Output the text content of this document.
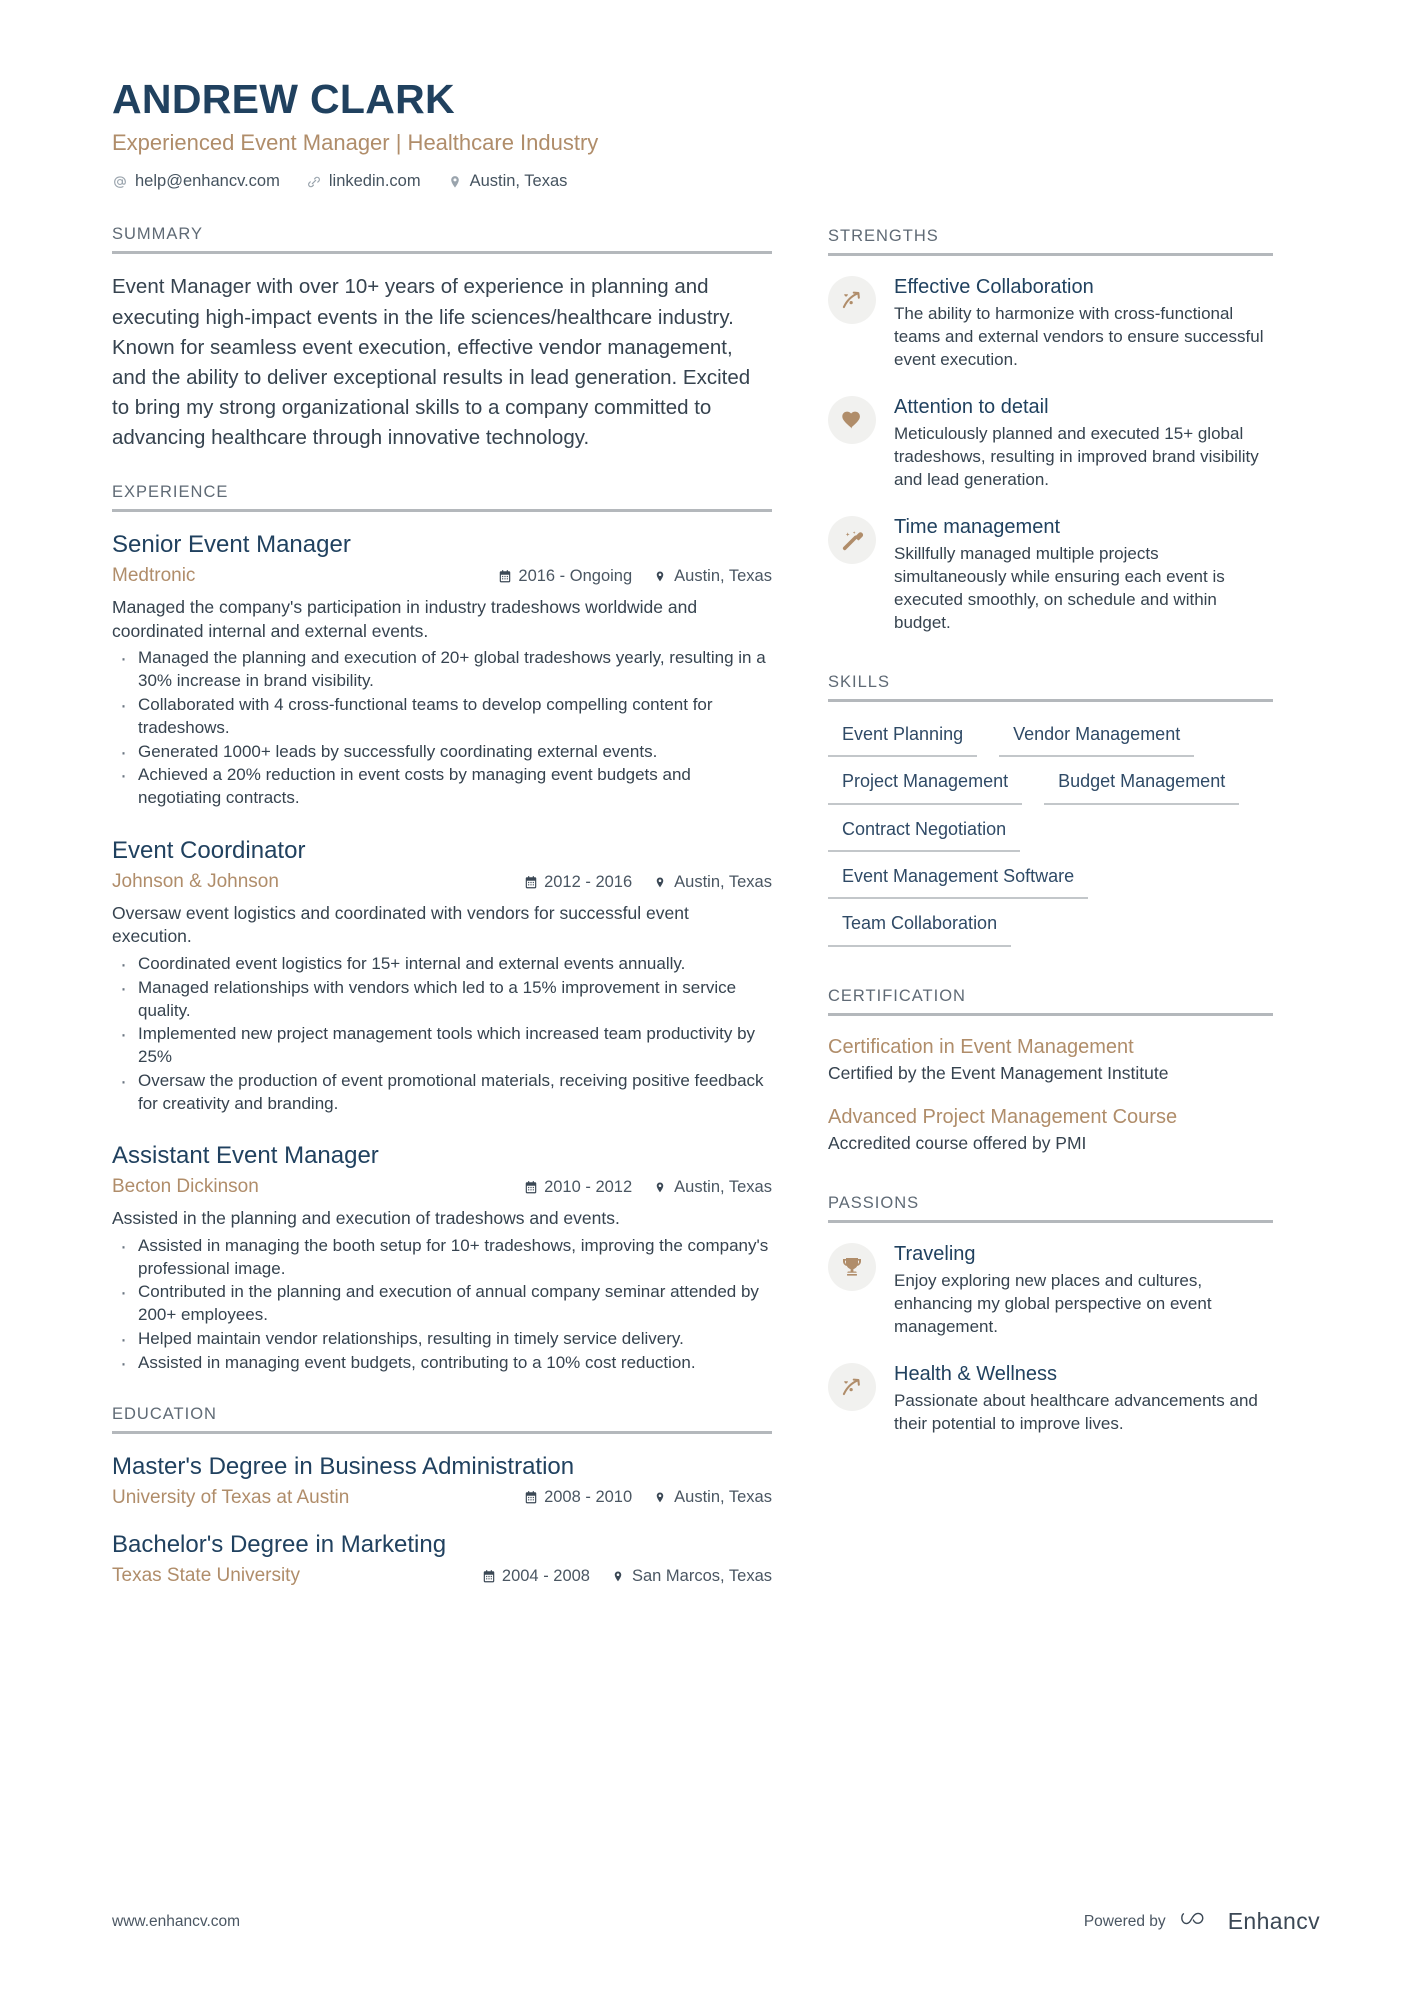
ANDREW CLARK
Experienced Event Manager | Healthcare Industry
help@enhancv.com	linkedin.com	Austin, Texas
SUMMARY
Event Manager with over 10+ years of experience in planning and executing high-impact events in the life sciences/healthcare industry. Known for seamless event execution, effective vendor management, and the ability to deliver exceptional results in lead generation. Excited to bring my strong organizational skills to a company committed to advancing healthcare through innovative technology.
EXPERIENCE
Senior Event Manager
Medtronic	2016 - Ongoing	Austin, Texas
Managed the company's participation in industry tradeshows worldwide and coordinated internal and external events.
· Managed the planning and execution of 20+ global tradeshows yearly, resulting in a 30% increase in brand visibility.
· Collaborated with 4 cross-functional teams to develop compelling content for tradeshows.
· Generated 1000+ leads by successfully coordinating external events.
· Achieved a 20% reduction in event costs by managing event budgets and negotiating contracts.
Event Coordinator
Johnson & Johnson	2012 - 2016	Austin, Texas
Oversaw event logistics and coordinated with vendors for successful event execution.
· Coordinated event logistics for 15+ internal and external events annually.
· Managed relationships with vendors which led to a 15% improvement in service quality.
· Implemented new project management tools which increased team productivity by 25%
· Oversaw the production of event promotional materials, receiving positive feedback for creativity and branding.
Assistant Event Manager
Becton Dickinson	2010 - 2012	Austin, Texas
Assisted in the planning and execution of tradeshows and events.
· Assisted in managing the booth setup for 10+ tradeshows, improving the company's professional image.
· Contributed in the planning and execution of annual company seminar attended by 200+ employees.
· Helped maintain vendor relationships, resulting in timely service delivery.
· Assisted in managing event budgets, contributing to a 10% cost reduction.
EDUCATION
Master's Degree in Business Administration
University of Texas at Austin	2008 - 2010	Austin, Texas
Bachelor's Degree in Marketing
Texas State University	2004 - 2008	San Marcos, Texas
STRENGTHS
Effective Collaboration
The ability to harmonize with cross-functional teams and external vendors to ensure successful event execution.
Attention to detail
Meticulously planned and executed 15+ global tradeshows, resulting in improved brand visibility and lead generation.
Time management
Skillfully managed multiple projects simultaneously while ensuring each event is executed smoothly, on schedule and within budget.
SKILLS
Event Planning	Vendor Management
Project Management	Budget Management
Contract Negotiation
Event Management Software
Team Collaboration
CERTIFICATION
Certification in Event Management
Certified by the Event Management Institute
Advanced Project Management Course
Accredited course offered by PMI
PASSIONS
Traveling
Enjoy exploring new places and cultures, enhancing my global perspective on event management.
Health & Wellness
Passionate about healthcare advancements and their potential to improve lives.
www.enhancv.com	Powered by	Enhancv
